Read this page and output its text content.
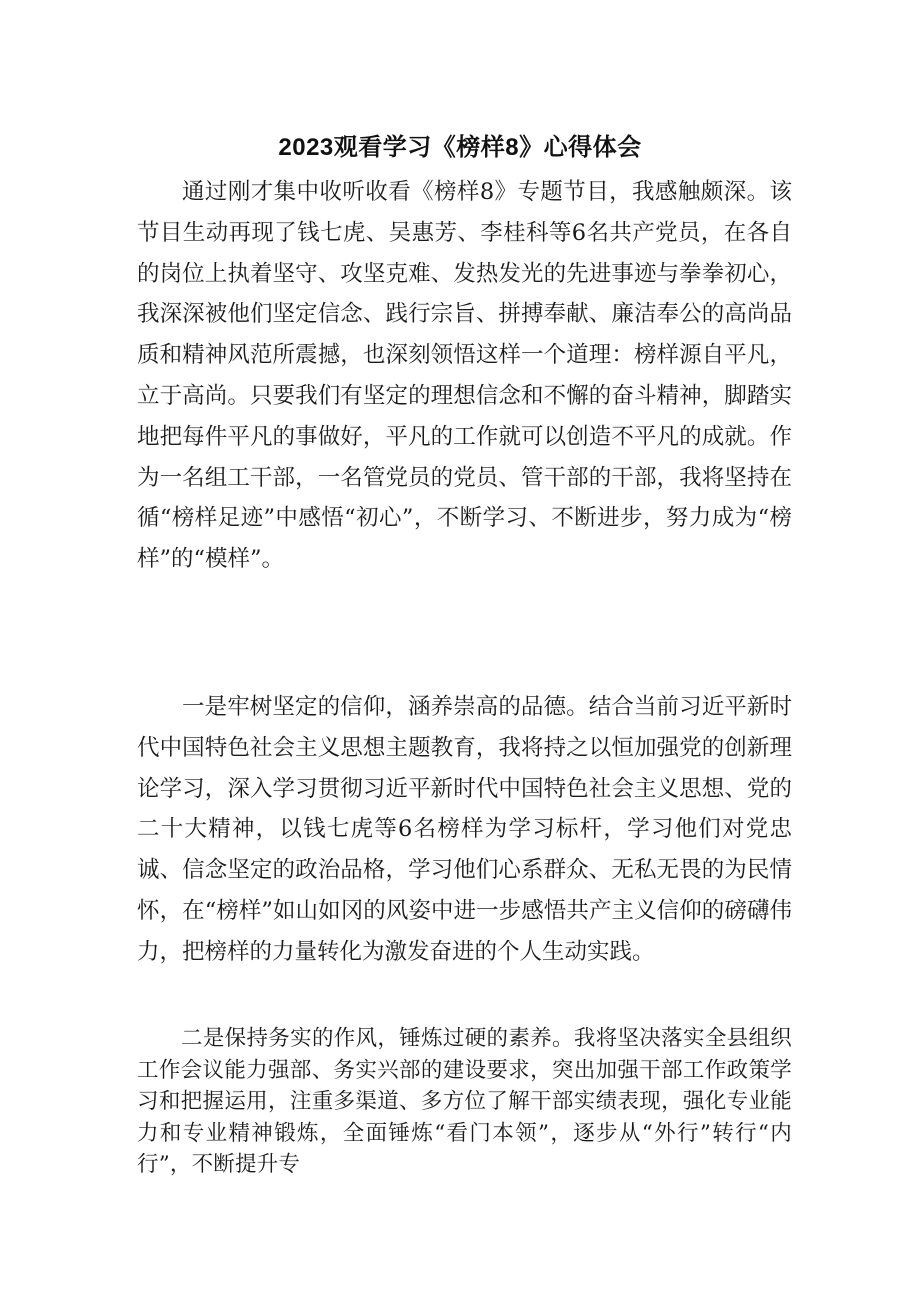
2023观看学习《榜样8》心得体会

通过刚才集中收听收看《榜样8》专题节目，我感触颇深。该节目生动再现了钱七虎、吴惠芳、李桂科等6名共产党员，在各自的岗位上执着坚守、攻坚克难、发热发光的先进事迹与拳拳初心，我深深被他们坚定信念、践行宗旨、拼搏奉献、廉洁奉公的高尚品质和精神风范所震撼，也深刻领悟这样一个道理：榜样源自平凡，立于高尚。只要我们有坚定的理想信念和不懈的奋斗精神，脚踏实地把每件平凡的事做好，平凡的工作就可以创造不平凡的成就。作为一名组工干部，一名管党员的党员、管干部的干部，我将坚持在循“榜样足迹”中感悟“初心”，不断学习、不断进步，努力成为“榜样”的“模样”。

一是牢树坚定的信仰，涵养崇高的品德。结合当前习近平新时代中国特色社会主义思想主题教育，我将持之以恒加强党的创新理论学习，深入学习贯彻习近平新时代中国特色社会主义思想、党的二十大精神，以钱七虎等6名榜样为学习标杆，学习他们对党忠诚、信念坚定的政治品格，学习他们心系群众、无私无畏的为民情怀，在“榜样”如山如冈的风姿中进一步感悟共产主义信仰的磅礴伟力，把榜样的力量转化为激发奋进的个人生动实践。

二是保持务实的作风，锤炼过硬的素养。我将坚决落实全县组织工作会议能力强部、务实兴部的建设要求，突出加强干部工作政策学习和把握运用，注重多渠道、多方位了解干部实绩表现，强化专业能力和专业精神锻炼，全面锤炼“看门本领”，逐步从“外行”转行“内行”，不断提升专
